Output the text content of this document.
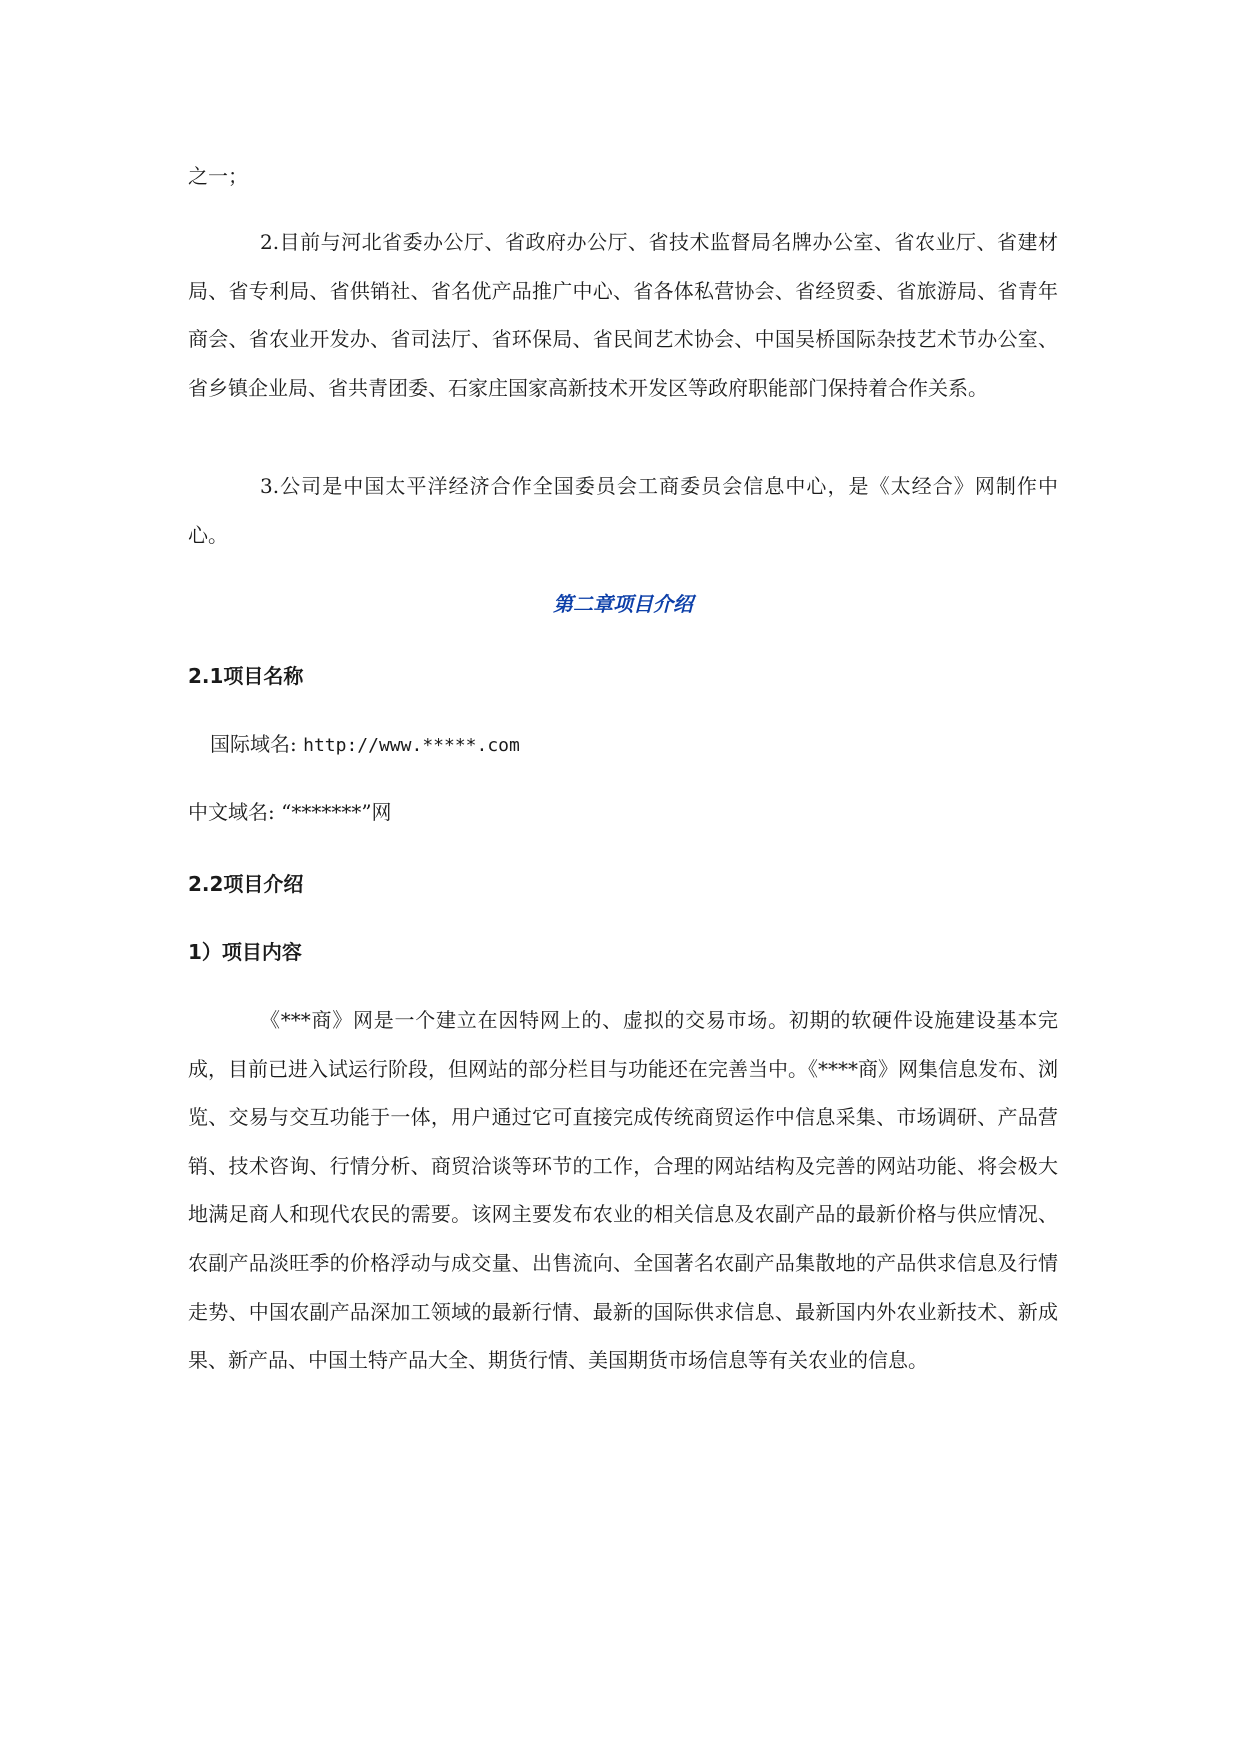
之一；

2.目前与河北省委办公厅、省政府办公厅、省技术监督局名牌办公室、省农业厅、省建材局、省专利局、省供销社、省名优产品推广中心、省各体私营协会、省经贸委、省旅游局、省青年商会、省农业开发办、省司法厅、省环保局、省民间艺术协会、中国吴桥国际杂技艺术节办公室、省乡镇企业局、省共青团委、石家庄国家高新技术开发区等政府职能部门保持着合作关系。

3.公司是中国太平洋经济合作全国委员会工商委员会信息中心，是《太经合》网制作中心。

第二章项目介绍

2.1项目名称

国际域名: http://www.*****.com

中文域名: “*******”网

2.2项目介绍

1）项目内容

《***商》网是一个建立在因特网上的、虚拟的交易市场。初期的软硬件设施建设基本完成，目前已进入试运行阶段，但网站的部分栏目与功能还在完善当中。《****商》网集信息发布、浏览、交易与交互功能于一体，用户通过它可直接完成传统商贸运作中信息采集、市场调研、产品营销、技术咨询、行情分析、商贸洽谈等环节的工作，合理的网站结构及完善的网站功能、将会极大地满足商人和现代农民的需要。该网主要发布农业的相关信息及农副产品的最新价格与供应情况、农副产品淡旺季的价格浮动与成交量、出售流向、全国著名农副产品集散地的产品供求信息及行情走势、中国农副产品深加工领域的最新行情、最新的国际供求信息、最新国内外农业新技术、新成果、新产品、中国土特产品大全、期货行情、美国期货市场信息等有关农业的信息。
